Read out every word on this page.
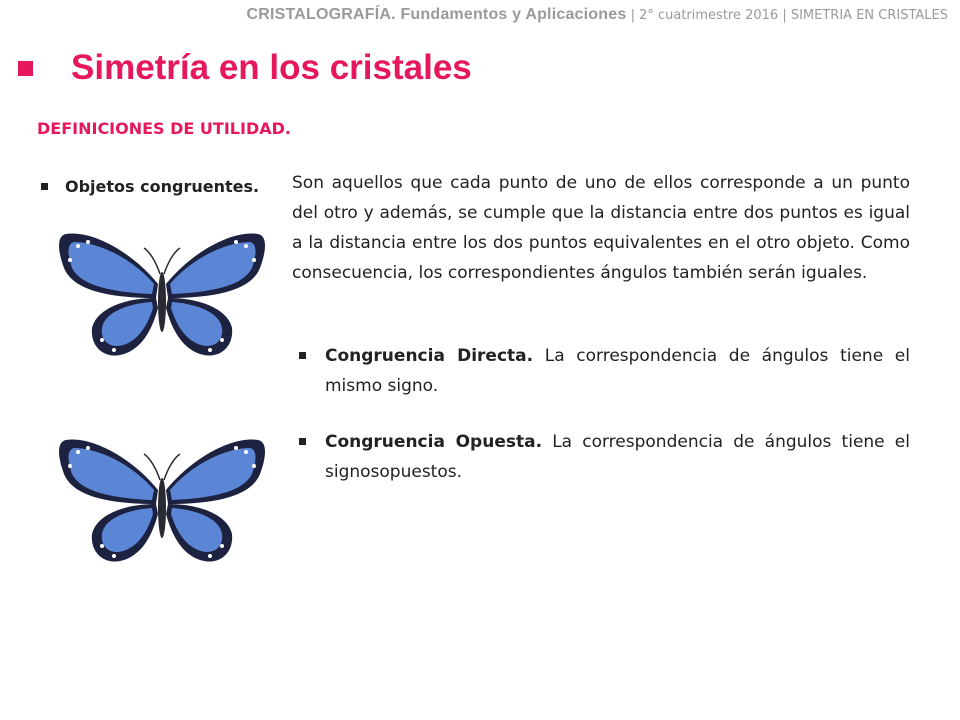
CRISTALOGRAFÍA. Fundamentos y Aplicaciones | 2° cuatrimestre 2016 | SIMETRIA EN CRISTALES
Simetría en los cristales
DEFINICIONES DE UTILIDAD.
Objetos congruentes. Son aquellos que cada punto de uno de ellos corresponde a un punto del otro y además, se cumple que la distancia entre dos puntos es igual a la distancia entre los dos puntos equivalentes en el otro objeto. Como consecuencia, los correspondientes ángulos también serán iguales.
Congruencia Directa. La correspondencia de ángulos tiene el mismo signo.
Congruencia Opuesta. La correspondencia de ángulos tiene el signosopuestos.
